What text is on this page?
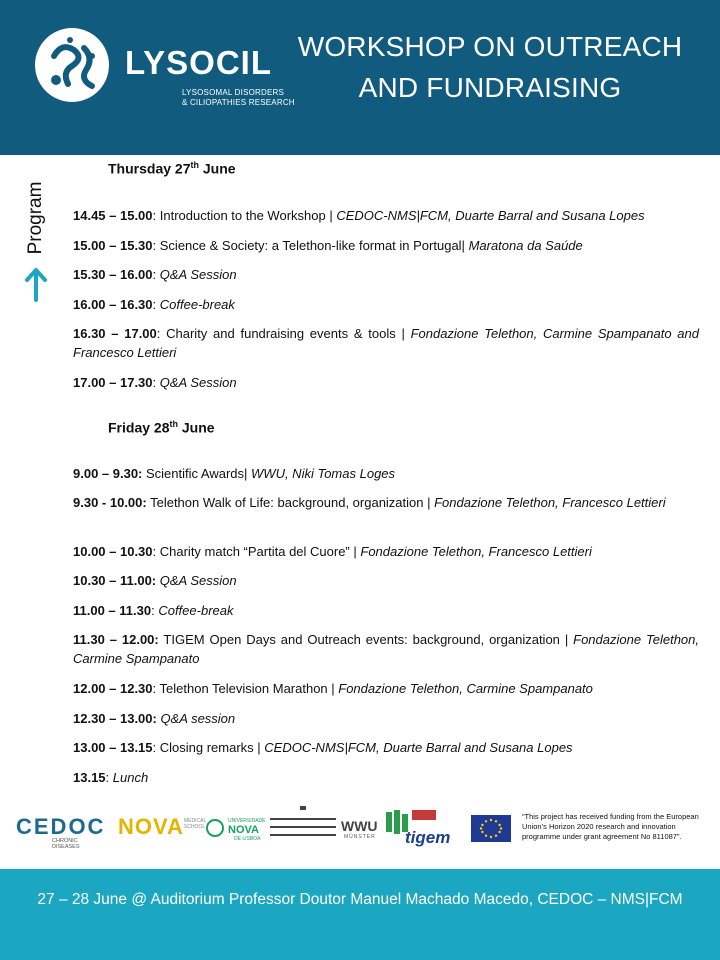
LYSOCIL
LYSOSOMAL DISORDERS
& CILIOPATHIES RESEARCH
WORKSHOP ON OUTREACH
AND FUNDRAISING
Program
Thursday 27th June
Friday 28th June
14.45 – 15.00: Introduction to the Workshop | CEDOC-NMS|FCM, Duarte Barral and Susana Lopes
15.00 – 15.30: Science & Society: a Telethon-like format in Portugal| Maratona da Saúde
15.30 – 16.00: Q&A Session
16.00 – 16.30: Coffee-break
16.30 – 17.00: Charity and fundraising events & tools | Fondazione Telethon, Carmine Spampanato and Francesco Lettieri
17.00 – 17.30: Q&A Session
9.00 – 9.30: Scientific Awards| WWU, Niki Tomas Loges
9.30 - 10.00: Telethon Walk of Life: background, organization | Fondazione Telethon, Francesco Lettieri
10.00 – 10.30: Charity match “Partita del Cuore” | Fondazione Telethon, Francesco Lettieri
10.30 – 11.00: Q&A Session
11.00 – 11.30: Coffee-break
11.30 – 12.00: TIGEM Open Days and Outreach events: background, organization | Fondazione Telethon, Carmine Spampanato
12.00 – 12.30: Telethon Television Marathon | Fondazione Telethon, Carmine Spampanato
12.30 – 13.00: Q&A session
13.00 – 13.15: Closing remarks | CEDOC-NMS|FCM, Duarte Barral and Susana Lopes
13.15: Lunch
CEDOC
CHRONIC
DISEASES
NOVA MEDICAL
SCHOOL
UNIVERSIDADE
NOVA
DE LISBOA
WWU
MÜNSTER tigem
“This project has received funding from the European Union’s Horizon 2020 research and innovation programme under grant agreement No 811087”.
27 – 28 June @ Auditorium Professor Doutor Manuel Machado Macedo, CEDOC – NMS|FCM
